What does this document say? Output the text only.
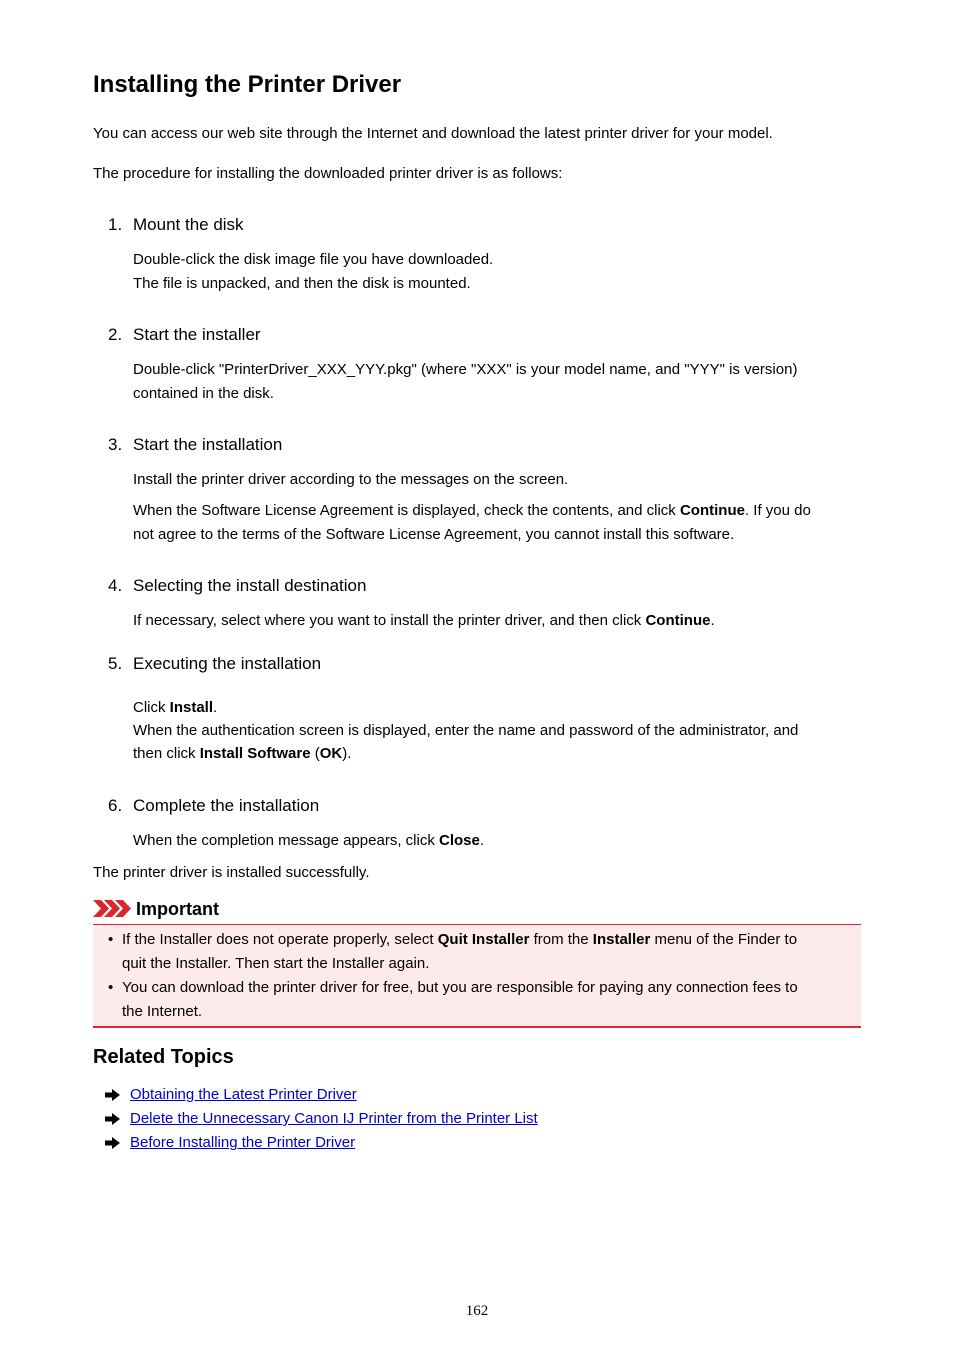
Installing the Printer Driver

You can access our web site through the Internet and download the latest printer driver for your model.

The procedure for installing the downloaded printer driver is as follows:

1. Mount the disk
Double-click the disk image file you have downloaded.
The file is unpacked, and then the disk is mounted.
2. Start the installer
Double-click "PrinterDriver_XXX_YYY.pkg" (where "XXX" is your model name, and "YYY" is version)
contained in the disk.
3. Start the installation
Install the printer driver according to the messages on the screen.
When the Software License Agreement is displayed, check the contents, and click Continue. If you do
not agree to the terms of the Software License Agreement, you cannot install this software.
4. Selecting the install destination
If necessary, select where you want to install the printer driver, and then click Continue.
5. Executing the installation
Click Install.
When the authentication screen is displayed, enter the name and password of the administrator, and
then click Install Software (OK).
6. Complete the installation
When the completion message appears, click Close.

The printer driver is installed successfully.

Important
• If the Installer does not operate properly, select Quit Installer from the Installer menu of the Finder to
quit the Installer. Then start the Installer again.
• You can download the printer driver for free, but you are responsible for paying any connection fees to
the Internet.
Related Topics
Obtaining the Latest Printer Driver
Delete the Unnecessary Canon IJ Printer from the Printer List
Before Installing the Printer Driver
162
